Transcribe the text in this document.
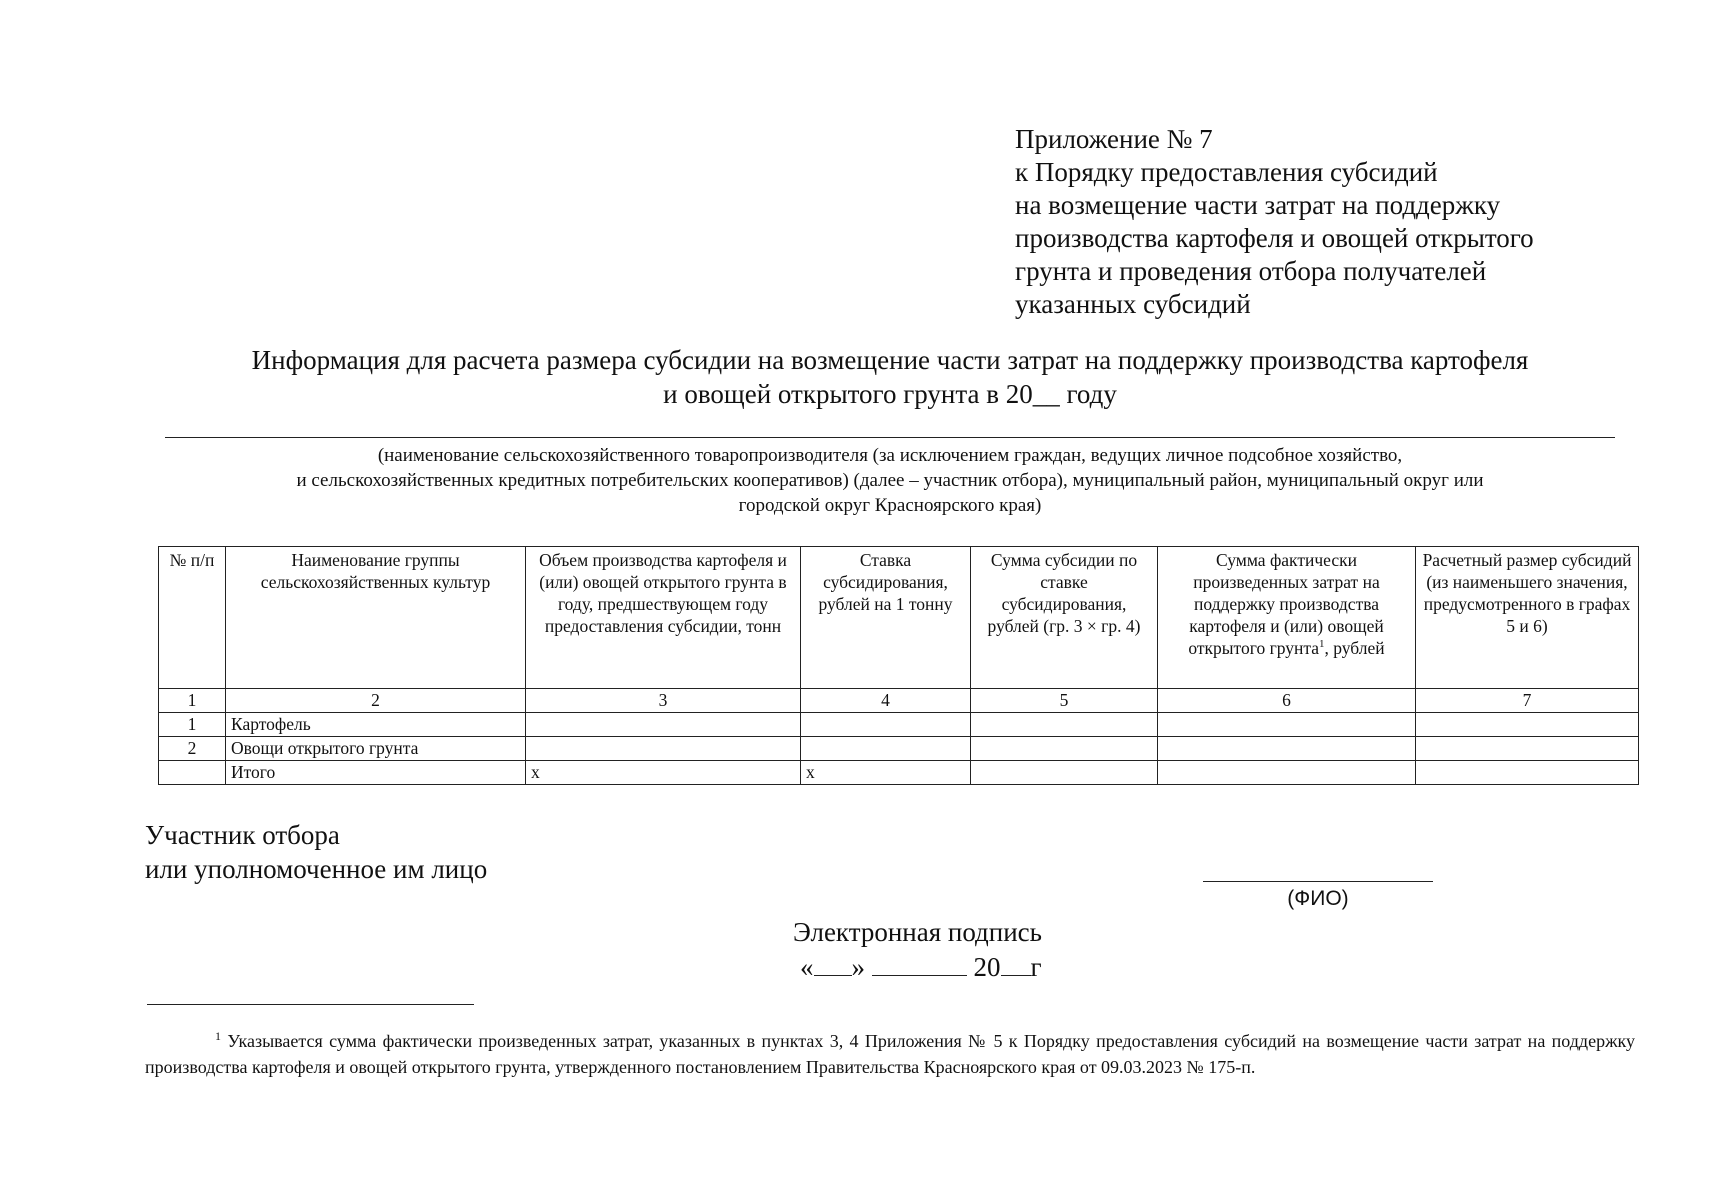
Приложение № 7
к Порядку предоставления субсидий
на возмещение части затрат на поддержку
производства картофеля и овощей открытого
грунта и проведения отбора получателей
указанных субсидий
Информация для расчета размера субсидии на возмещение части затрат на поддержку производства картофеля
и овощей открытого грунта в 20__ году
(наименование сельскохозяйственного товаропроизводителя (за исключением граждан, ведущих личное подсобное хозяйство,
и сельскохозяйственных кредитных потребительских кооперативов) (далее – участник отбора), муниципальный район, муниципальный округ или
городской округ Красноярского края)
№ п/п	Наименование группы сельскохозяйственных культур	Объем производства картофеля и (или) овощей открытого грунта в году, предшествующем году предоставления субсидии, тонн	Ставка субсидирования, рублей на 1 тонну	Сумма субсидии по ставке субсидирования, рублей (гр. 3 × гр. 4)	Сумма фактически произведенных затрат на поддержку производства картофеля и (или) овощей открытого грунта$^1$, рублей	Расчетный размер субсидий (из наименьшего значения, предусмотренного в графах 5 и 6)
1	2	3	4	5	6	7
1	Картофель					
2	Овощи открытого грунта					
	Итого	x	x			
Участник отбора
или уполномоченное им лицо
(ФИО)
Электронная подпись
« »	20 г
$^1$ Указывается сумма фактически произведенных затрат, указанных в пунктах 3, 4 Приложения № 5 к Порядку предоставления субсидий на возмещение части затрат на поддержку производства картофеля и овощей открытого грунта, утвержденного постановлением Правительства Красноярского края от 09.03.2023 № 175-п.
